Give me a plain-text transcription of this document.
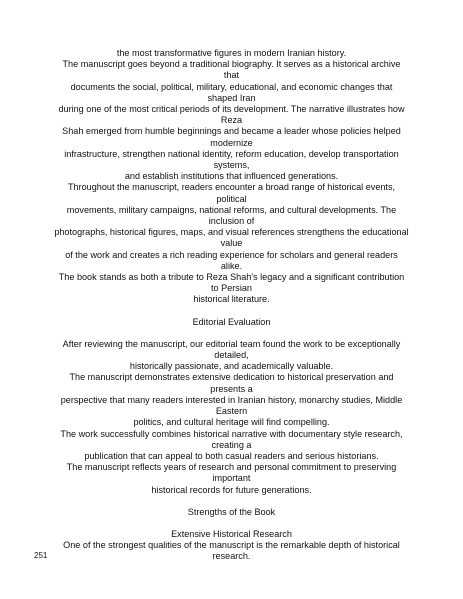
the most transformative figures in modern Iranian history.
The manuscript goes beyond a traditional biography. It serves as a historical archive
that
documents the social, political, military, educational, and economic changes that
shaped Iran
during one of the most critical periods of its development. The narrative illustrates how
Reza
Shah emerged from humble beginnings and became a leader whose policies helped
modernize
infrastructure, strengthen national identity, reform education, develop transportation
systems,
and establish institutions that influenced generations.
Throughout the manuscript, readers encounter a broad range of historical events,
political
movements, military campaigns, national reforms, and cultural developments. The
inclusion of
photographs, historical figures, maps, and visual references strengthens the educational
value
of the work and creates a rich reading experience for scholars and general readers
alike.
The book stands as both a tribute to Reza Shah's legacy and a significant contribution
to Persian
historical literature.
Editorial Evaluation
After reviewing the manuscript, our editorial team found the work to be exceptionally
detailed,
historically passionate, and academically valuable.
The manuscript demonstrates extensive dedication to historical preservation and
presents a
perspective that many readers interested in Iranian history, monarchy studies, Middle
Eastern
politics, and cultural heritage will find compelling.
The work successfully combines historical narrative with documentary style research,
creating a
publication that can appeal to both casual readers and serious historians.
The manuscript reflects years of research and personal commitment to preserving
important
historical records for future generations.
Strengths of the Book
Extensive Historical Research
One of the strongest qualities of the manuscript is the remarkable depth of historical
research.
251
